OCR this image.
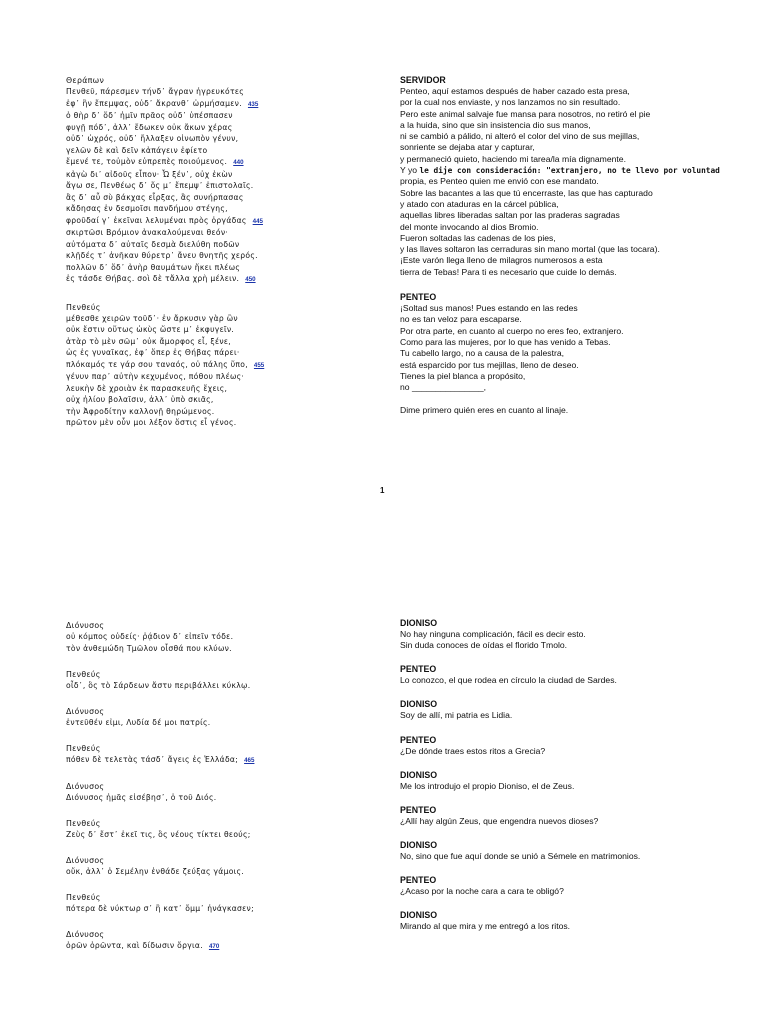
Θεράπων
Πενθεῦ, πάρεσμεν τήνδ᾽ ἄγραν ἠγρευκότες
ἐφ᾽ ἣν ἔπεμψας, οὐδ᾽ ἄκρανθ᾽ ὡρμήσαμεν. 435
ὁ θὴρ δ᾽ ὅδ᾽ ἡμῖν πρᾶος οὐδ᾽ ὑπέσπασεν
φυγῇ πόδ᾽, ἀλλ᾽ ἔδωκεν οὐκ ἄκων χέρας
οὐδ᾽ ὠχρός, οὐδ᾽ ἤλλαξεν οἰνωπὸν γένυν,
γελῶν δὲ καὶ δεῖν κἀπάγειν ἐφίετο
ἔμενέ τε, τοὐμὸν εὐπρεπὲς ποιούμενος. 440
κἀγὼ δι᾽ αἰδοῦς εἶπον· Ὦ ξέν᾽, οὐχ ἑκὼν
ἄγω σε, Πενθέως δ᾽ ὅς μ᾽ ἔπεμψ᾽ ἐπιστολαῖς.
ἃς δ᾽ αὖ σὺ βάκχας εἷρξας, ἃς συνήρπασας
κἄδησας ἐν δεσμοῖσι πανδήμου στέγης,
φροῦδαί γ᾽ ἐκεῖναι λελυμέναι πρὸς ὀργάδας 445
σκιρτῶσι Βρόμιον ἀνακαλούμεναι θεόν·
αὐτόματα δ᾽ αὐταῖς δεσμὰ διελύθη ποδῶν
κλῇδές τ᾽ ἀνῆκαν θύρετρ᾽ ἄνευ θνητῆς χερός.
πολλῶν δ᾽ ὅδ᾽ ἀνὴρ θαυμάτων ἥκει πλέως
ἐς τάσδε Θήβας. σοὶ δὲ τἄλλα χρὴ μέλειν. 450
Πενθεύς
μέθεσθε χειρῶν τοῦδ᾽· ἐν ἄρκυσιν γὰρ ὢν
οὐκ ἔστιν οὕτως ὠκὺς ὥστε μ᾽ ἐκφυγεῖν.
ἀτὰρ τὸ μὲν σῶμ᾽ οὐκ ἄμορφος εἶ, ξένε,
ὡς ἐς γυναῖκας, ἐφ᾽ ὅπερ ἐς Θήβας πάρει·
πλόκαμός τε γάρ σου ταναός, οὐ πάλης ὕπο, 455
γένυν παρ᾽ αὐτὴν κεχυμένος, πόθου πλέως·
λευκὴν δὲ χροιὰν ἐκ παρασκευῆς ἔχεις,
οὐχ ἡλίου βολαῖσιν, ἀλλ᾽ ὑπὸ σκιᾶς,
τὴν Ἀφροδίτην καλλονῇ θηρώμενος.
πρῶτον μὲν οὖν μοι λέξον ὅστις εἶ γένος.
SERVIDOR
Penteo, aquí estamos después de haber cazado esta presa,
por la cual nos enviaste, y nos lanzamos no sin resultado.
Pero este animal salvaje fue mansa para nosotros, no retiró el pie
a la huida, sino que sin insistencia dio sus manos,
ni se cambió a pálido, ni alteró el color del vino de sus mejillas,
sonriente se dejaba atar y capturar,
y permaneció quieto, haciendo mi tarea/la mía dignamente.
Y yo le dije con consideración: "extranjero, no te llevo por voluntad
propia, es Penteo quien me envió con ese mandato.
Sobre las bacantes a las que tú encerraste, las que has capturado
y atado con ataduras en la cárcel pública,
aquellas libres liberadas saltan por las praderas sagradas
del monte invocando al dios Bromio.
Fueron soltadas las cadenas de los pies,
y las llaves soltaron las cerraduras sin mano mortal (que las tocara).
¡Este varón llega lleno de milagros numerosos a esta
tierra de Tebas! Para ti es necesario que cuide lo demás.
PENTEO
¡Soltad sus manos! Pues estando en las redes
no es tan veloz para escaparse.
Por otra parte, en cuanto al cuerpo no eres feo, extranjero.
Como para las mujeres, por lo que has venido a Tebas.
Tu cabello largo, no a causa de la palestra,
está esparcido por tus mejillas, lleno de deseo.
Tienes la piel blanca a propósito,
no _______________,

Dime primero quién eres en cuanto al linaje.
1
Διόνυσος
οὐ κόμπος οὐδείς· ῥᾴδιον δ᾽ εἰπεῖν τόδε.
τὸν ἀνθεμώδη Τμῶλον οἶσθά που κλύων.
Πενθεύς
οἶδ᾽, ὃς τὸ Σάρδεων ἄστυ περιβάλλει κύκλῳ.
Διόνυσος
ἐντεῦθέν εἰμι, Λυδία δέ μοι πατρίς.
Πενθεύς
πόθεν δὲ τελετὰς τάσδ᾽ ἄγεις ἐς Ἑλλάδα; 465
Διόνυσος
Διόνυσος ἡμᾶς εἰσέβησ᾽, ὁ τοῦ Διός.
Πενθεύς
Ζεὺς δ᾽ ἔστ᾽ ἐκεῖ τις, ὃς νέους τίκτει θεούς;
Διόνυσος
οὔκ, ἀλλ᾽ ὁ Σεμέλην ἐνθάδε ζεύξας γάμοις.
Πενθεύς
πότερα δὲ νύκτωρ σ᾽ ἢ κατ᾽ ὄμμ᾽ ἠνάγκασεν;
Διόνυσος
ὁρῶν ὁρῶντα, καὶ δίδωσιν ὄργια. 470
DIONISO
No hay ninguna complicación, fácil es decir esto.
Sin duda conoces de oídas el florido Tmolo.
PENTEO
Lo conozco, el que rodea en círculo la ciudad de Sardes.
DIONISO
Soy de allí, mi patria es Lidia.
PENTEO
¿De dónde traes estos ritos a Grecia?
DIONISO
Me los introdujo el propio Dioniso, el de Zeus.
PENTEO
¿Allí hay algún Zeus, que engendra nuevos dioses?
DIONISO
No, sino que fue aquí donde se unió a Sémele en matrimonios.
PENTEO
¿Acaso por la noche cara a cara te obligó?
DIONISO
Mirando al que mira y me entregó a los ritos.
